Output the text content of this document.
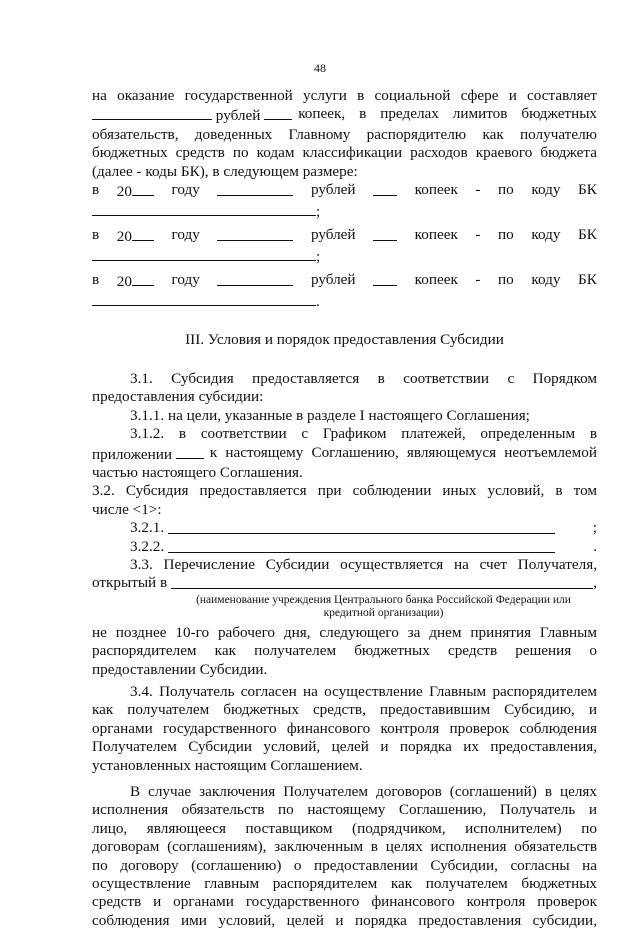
48

на оказание государственной услуги в социальной сфере и составляет

рублей	копеек, в пределах лимитов бюджетных

обязательств, доведенных Главному распорядителю как получателю

бюджетных средств по кодам классификации расходов краевого бюджета

(далее - коды БК), в следующем размере:

в 20	году	рублей	копеек - по коду БК

;

в 20	году	рублей	копеек - по коду БК

;

в 20	году	рублей	копеек - по коду БК

.

III. Условия и порядок предоставления Субсидии

3.1. Субсидия предоставляется в соответствии с Порядком

предоставления субсидии:

3.1.1. на цели, указанные в разделе I настоящего Соглашения;

3.1.2. в соответствии с Графиком платежей, определенным в

приложении	к настоящему Соглашению, являющемуся неотъемлемой

частью настоящего Соглашения.

3.2. Субсидия предоставляется при соблюдении иных условий, в том

числе <1>:

3.2.1.	;

3.2.2.	.

3.3. Перечисление Субсидии осуществляется на счет Получателя,

открытый в	,

(наименование учреждения Центрального банка Российской Федерации или
кредитной организации)

не позднее 10-го рабочего дня, следующего за днем принятия Главным

распорядителем как получателем бюджетных средств решения о

предоставлении Субсидии.

3.4. Получатель согласен на осуществление Главным распорядителем

как получателем бюджетных средств, предоставившим Субсидию, и

органами государственного финансового контроля проверок соблюдения

Получателем Субсидии условий, целей и порядка их предоставления,

установленных настоящим Соглашением.

В случае заключения Получателем договоров (соглашений) в целях

исполнения обязательств по настоящему Соглашению, Получатель и

лицо, являющееся поставщиком (подрядчиком, исполнителем) по

договорам (соглашениям), заключенным в целях исполнения обязательств

по договору (соглашению) о предоставлении Субсидии, согласны на

осуществление главным распорядителем как получателем бюджетных

средств и органами государственного финансового контроля проверок

соблюдения ими условий, целей и порядка предоставления субсидии,
